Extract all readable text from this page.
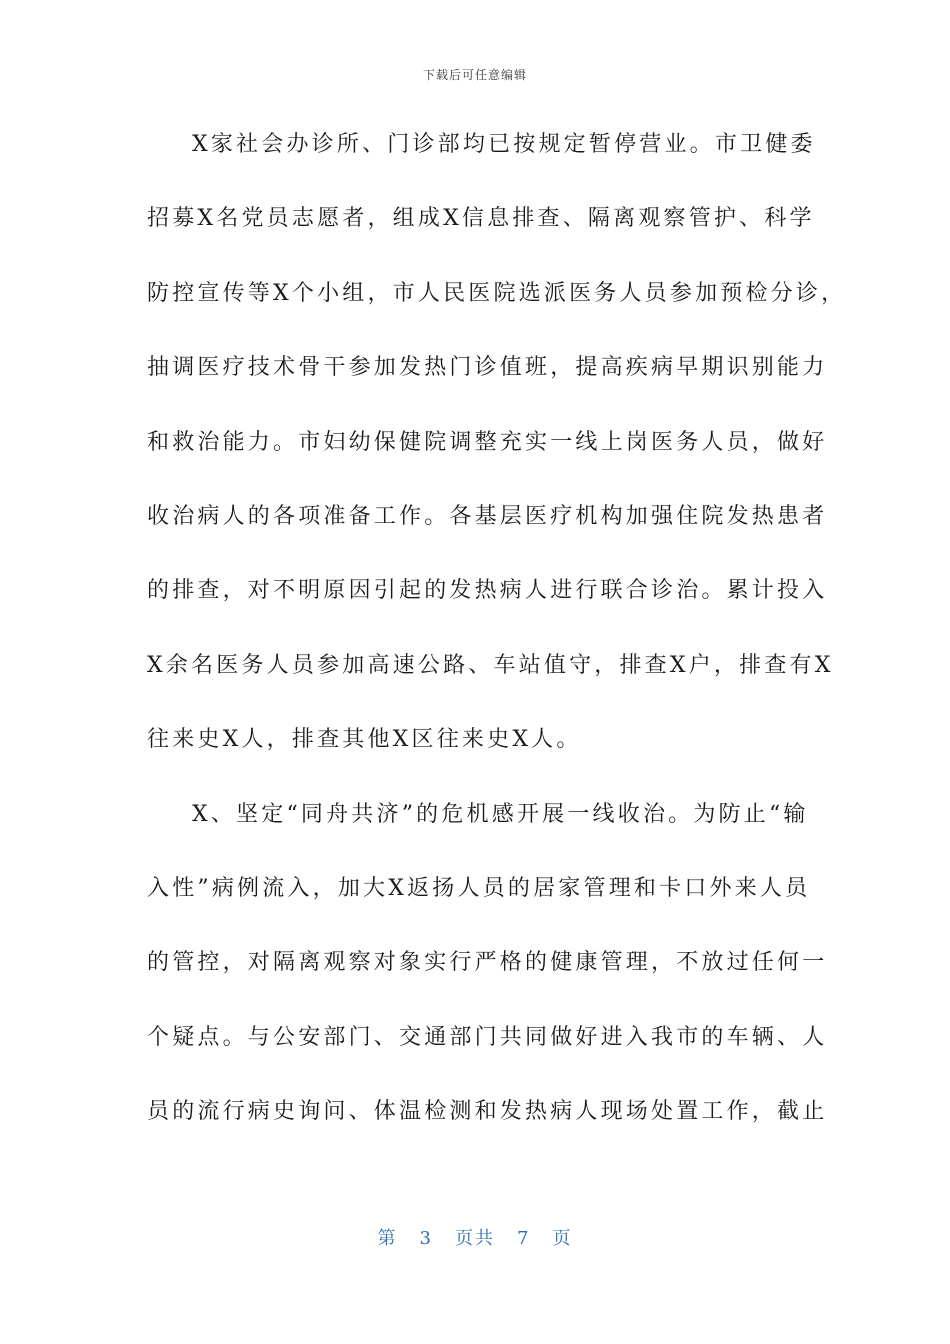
下载后可任意编辑
X家社会办诊所、门诊部均已按规定暂停营业。市卫健委
招募X名党员志愿者，组成X信息排查、隔离观察管护、科学
防控宣传等X个小组，市人民医院选派医务人员参加预检分诊，
抽调医疗技术骨干参加发热门诊值班，提高疾病早期识别能力
和救治能力。市妇幼保健院调整充实一线上岗医务人员，做好
收治病人的各项准备工作。各基层医疗机构加强住院发热患者
的排查，对不明原因引起的发热病人进行联合诊治。累计投入
X余名医务人员参加高速公路、车站值守，排查X户，排查有X
往来史X人，排查其他X区往来史X人。
X、坚定“同舟共济”的危机感开展一线收治。为防止“输
入性”病例流入，加大X返扬人员的居家管理和卡口外来人员
的管控，对隔离观察对象实行严格的健康管理，不放过任何一
个疑点。与公安部门、交通部门共同做好进入我市的车辆、人
员的流行病史询问、体温检测和发热病人现场处置工作，截止
第 3 页共 7 页
